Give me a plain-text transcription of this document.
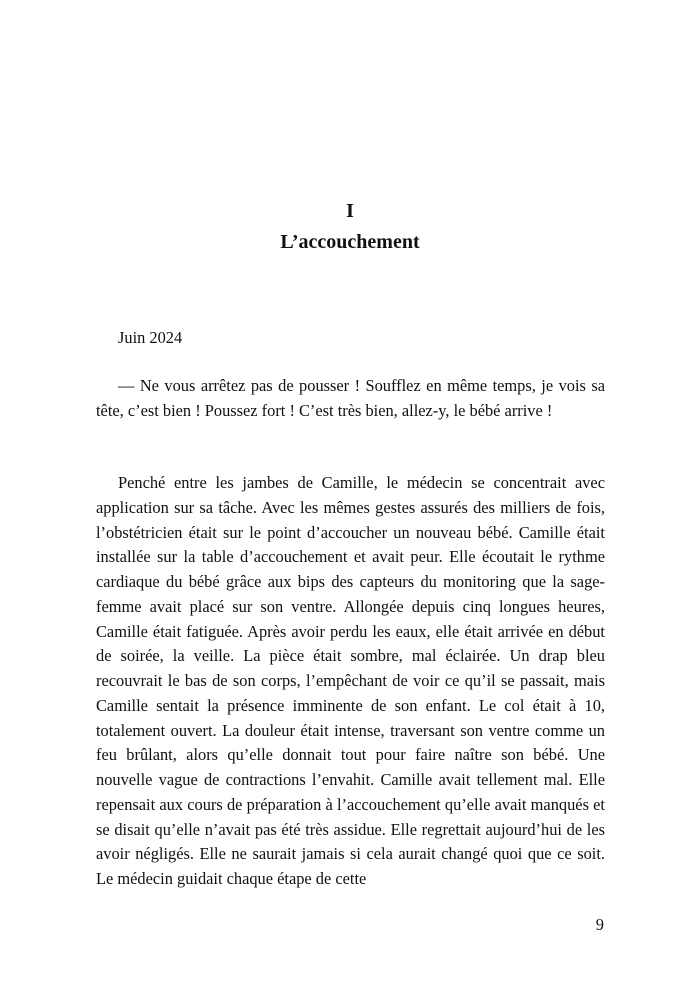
I
L’accouchement

Juin 2024

— Ne vous arrêtez pas de pousser ! Soufflez en même temps, je vois sa tête, c’est bien ! Poussez fort ! C’est très bien, allez-y, le bébé arrive !

Penché entre les jambes de Camille, le médecin se concentrait avec application sur sa tâche. Avec les mêmes gestes assurés des milliers de fois, l’obstétricien était sur le point d’accoucher un nouveau bébé. Camille était installée sur la table d’accouchement et avait peur. Elle écoutait le rythme cardiaque du bébé grâce aux bips des capteurs du monitoring que la sage-femme avait placé sur son ventre. Allongée depuis cinq longues heures, Camille était fatiguée. Après avoir perdu les eaux, elle était arrivée en début de soirée, la veille. La pièce était sombre, mal éclairée. Un drap bleu recouvrait le bas de son corps, l’empêchant de voir ce qu’il se passait, mais Camille sentait la présence imminente de son enfant. Le col était à 10, totalement ouvert. La douleur était intense, traversant son ventre comme un feu brûlant, alors qu’elle donnait tout pour faire naître son bébé. Une nouvelle vague de contractions l’envahit. Camille avait tellement mal. Elle repensait aux cours de préparation à l’accouchement qu’elle avait manqués et se disait qu’elle n’avait pas été très assidue. Elle regrettait aujourd’hui de les avoir négligés. Elle ne saurait jamais si cela aurait changé quoi que ce soit. Le médecin guidait chaque étape de cette

9
